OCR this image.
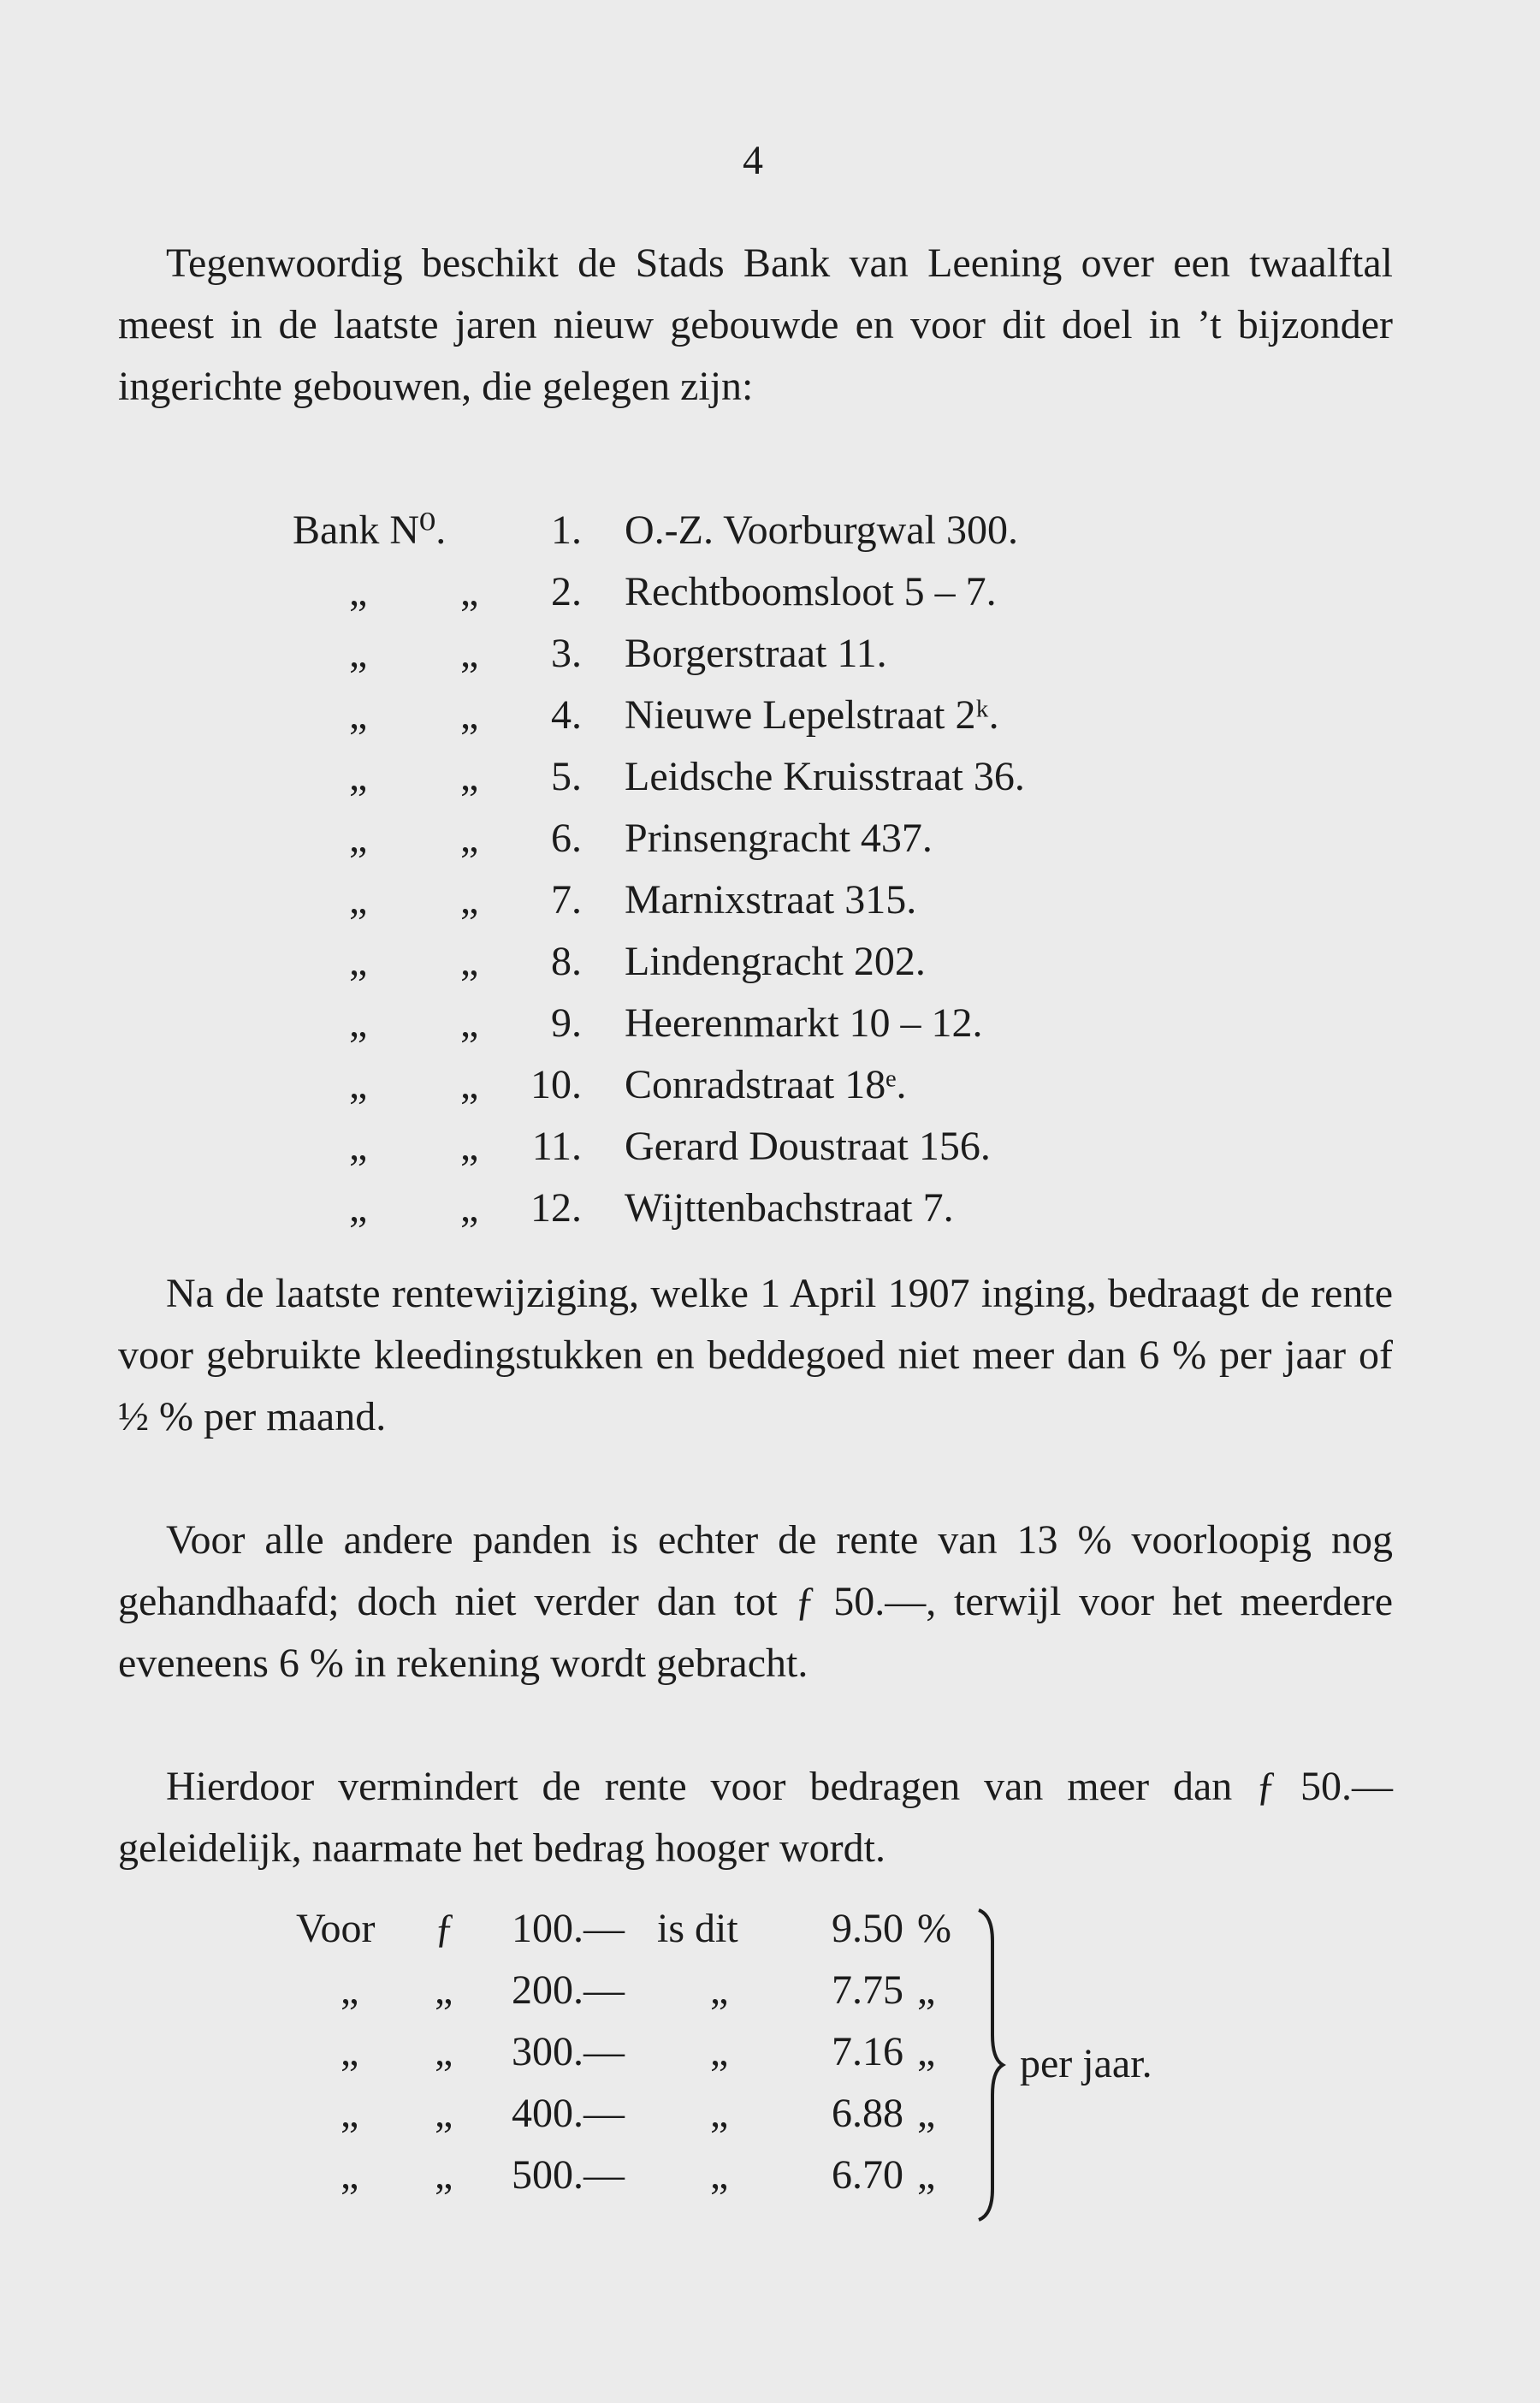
4

Tegenwoordig beschikt de Stads Bank van Leening over een twaalftal meest in de laatste jaren nieuw gebouwde en voor dit doel in ’t bijzonder ingerichte gebouwen, die gelegen zijn:

Bank N⁰.	1. O.-Z. Voorburgwal 300.
„ „	2. Rechtboomsloot 5 – 7.
„ „	3. Borgerstraat 11.
„ „	4. Nieuwe Lepelstraat 2ᵏ.
„ „	5. Leidsche Kruisstraat 36.
„ „	6. Prinsengracht 437.
„ „	7. Marnixstraat 315.
„ „	8. Lindengracht 202.
„ „	9. Heerenmarkt 10 – 12.
„ „	10. Conradstraat 18ᵉ.
„ „	11. Gerard Doustraat 156.
„ „	12. Wijttenbachstraat 7.

Na de laatste rentewijziging, welke 1 April 1907 inging, bedraagt de rente voor gebruikte kleedingstukken en beddegoed niet meer dan 6 % per jaar of ½ % per maand.

Voor alle andere panden is echter de rente van 13 % voorloopig nog gehandhaafd; doch niet verder dan tot ƒ 50.—, terwijl voor het meerdere eveneens 6 % in rekening wordt gebracht.

Hierdoor vermindert de rente voor bedragen van meer dan ƒ 50.— geleidelijk, naarmate het bedrag hooger wordt.

Voor ƒ	100.— is dit	9.50 %
„ „	200.— „	7.75 „
„ „	300.— „	7.16 „
„ „	400.— „	6.88 „
„ „	500.— „	6.70 „
per jaar.
